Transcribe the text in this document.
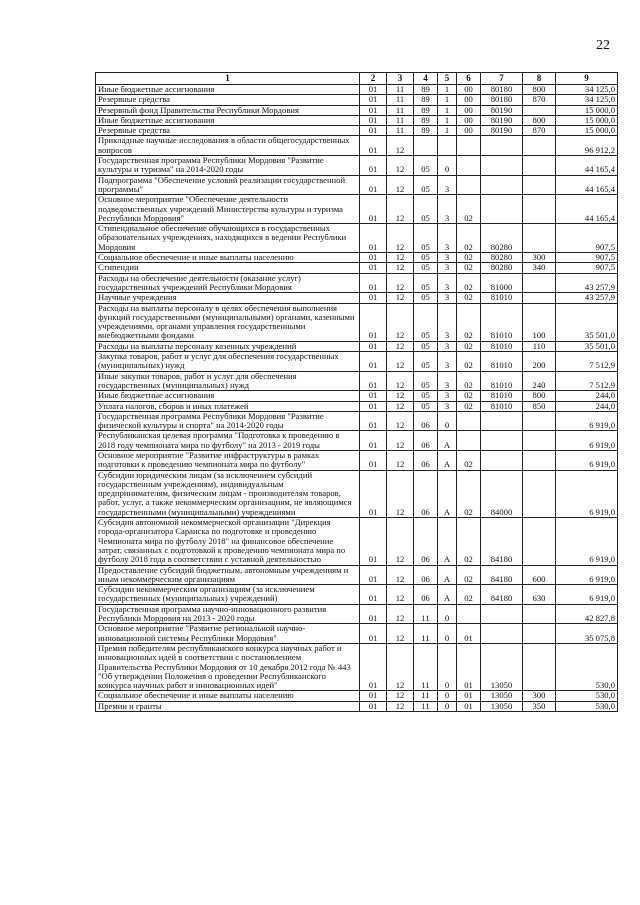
22
1	2	3	4	5	6	7	8	9
Иные бюджетные ассигнования	01	11	89	1	00	80180	800	34 125,0
Резервные средства	01	11	89	1	00	80180	870	34 125,0
Резервный фонд Правительства Республики Мордовия	01	11	89	1	00	80190		15 000,0
Иные бюджетные ассигнования	01	11	89	1	00	80190	800	15 000,0
Резервные средства	01	11	89	1	00	80190	870	15 000,0
Прикладные научные исследования в области общегосударственных вопросов	01	12						96 912,2
Государственная программа Республики Мордовия "Развитие культуры и туризма" на 2014-2020 годы	01	12	05	0				44 165,4
Подпрограмма "Обеспечение условий реализации государственной программы"	01	12	05	3				44 165,4
Основное мероприятие "Обеспечение деятельности подведомственных учреждений Министерства культуры и туризма Республики Мордовия"	01	12	05	3	02			44 165,4
Стипендиальное обеспечение обучающихся в государственных образовательных учреждениях, находящихся в ведении Республики Мордовия	01	12	05	3	02	80280		907,5
Социальное обеспечение и иные выплаты населению	01	12	05	3	02	80280	300	907,5
Стипендии	01	12	05	3	02	80280	340	907,5
Расходы на обеспечение деятельности (оказание услуг) государственных учреждений Республики Мордовия	01	12	05	3	02	81000		43 257,9
Научные учреждения	01	12	05	3	02	81010		43 257,9
Расходы на выплаты персоналу в целях обеспечения выполнения функций государственными (муниципальными) органами, казенными учреждениями, органами управления государственными внебюджетными фондами	01	12	05	3	02	81010	100	35 501,0
Расходы на выплаты персоналу казенных учреждений	01	12	05	3	02	81010	110	35 501,0
Закупка товаров, работ и услуг для обеспечения государственных (муниципальных) нужд	01	12	05	3	02	81010	200	7 512,9
Иные закупки товаров, работ и услуг для обеспечения государственных (муниципальных) нужд	01	12	05	3	02	81010	240	7 512,9
Иные бюджетные ассигнования	01	12	05	3	02	81010	800	244,0
Уплата налогов, сборов и иных платежей	01	12	05	3	02	81010	850	244,0
Государственная программа Республики Мордовия "Развитие физической культуры и спорта" на 2014-2020 годы	01	12	06	0				6 919,0
Республиканская целевая программа "Подготовка к проведению в 2018 году чемпионата мира по футболу" на 2013 - 2019 годы	01	12	06	А				6 919,0
Основное мероприятие "Развитие инфраструктуры в рамках подготовки к проведению чемпионата мира по футболу"	01	12	06	А	02			6 919,0
Субсидии юридическим лицам (за исключением субсидий государственным учреждениям), индивидуальным предпринимателям, физическим лицам - производителям товаров, работ, услуг, а также некоммерческим организациям, не являющимся государственными (муниципальными) учреждениями	01	12	06	А	02	84000		6 919,0
Субсидия автономной некоммерческой организации "Дирекция города-организатора Саранска по подготовке и проведению Чемпионата мира по футболу 2018" на финансовое обеспечение затрат, связанных с подготовкой к проведению чемпионата мира по футболу 2018 года в соответствии с уставной деятельностью	01	12	06	А	02	84180		6 919,0
Предоставление субсидий бюджетным, автономным учреждениям и иным некоммерческим организациям	01	12	06	А	02	84180	600	6 919,0
Субсидии некоммерческим организациям (за исключением государственных (муниципальных) учреждений)	01	12	06	А	02	84180	630	6 919,0
Государственная программа научно-инновационного развития Республики Мордовия на 2013 - 2020 годы	01	12	11	0				42 827,8
Основное мероприятие "Развитие региональной научно-инновационной системы Республики Мордовия"	01	12	11	0	01			35 075,8
Премия победителям республиканского конкурса научных работ и инновационных идей в соответствии с постановлением Правительства Республики Мордовия от 10 декабря 2012 года № 443 "Об утверждении Положения о проведении Республиканского конкурса научных работ и инновационных идей"	01	12	11	0	01	13050		530,0
Социальное обеспечение и иные выплаты населению	01	12	11	0	01	13050	300	530,0
Премии и гранты	01	12	11	0	01	13050	350	530,0
